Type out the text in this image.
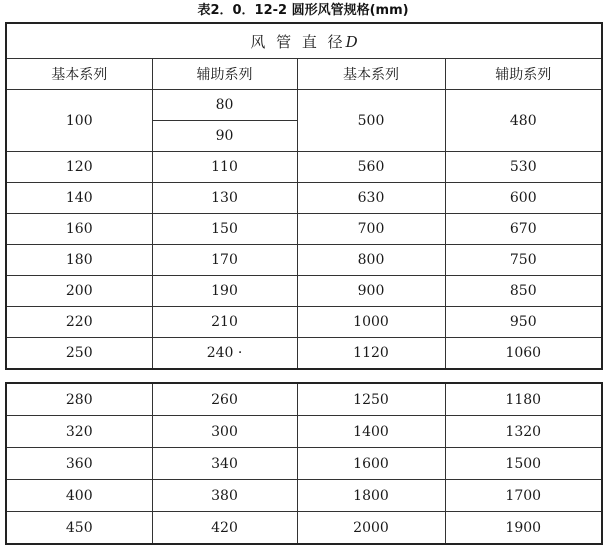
表2．0．12-2 圆形风管规格(mm)
风 管 直 径D			
基本系列	辅助系列	基本系列	辅助系列
100	80	500	480
	90		
120	110	560	530
140	130	630	600
160	150	700	670
180	170	800	750
200	190	900	850
220	210	1000	950
250	240 ·	1120	1060
280	260	1250	1180
320	300	1400	1320
360	340	1600	1500
400	380	1800	1700
450	420	2000	1900
